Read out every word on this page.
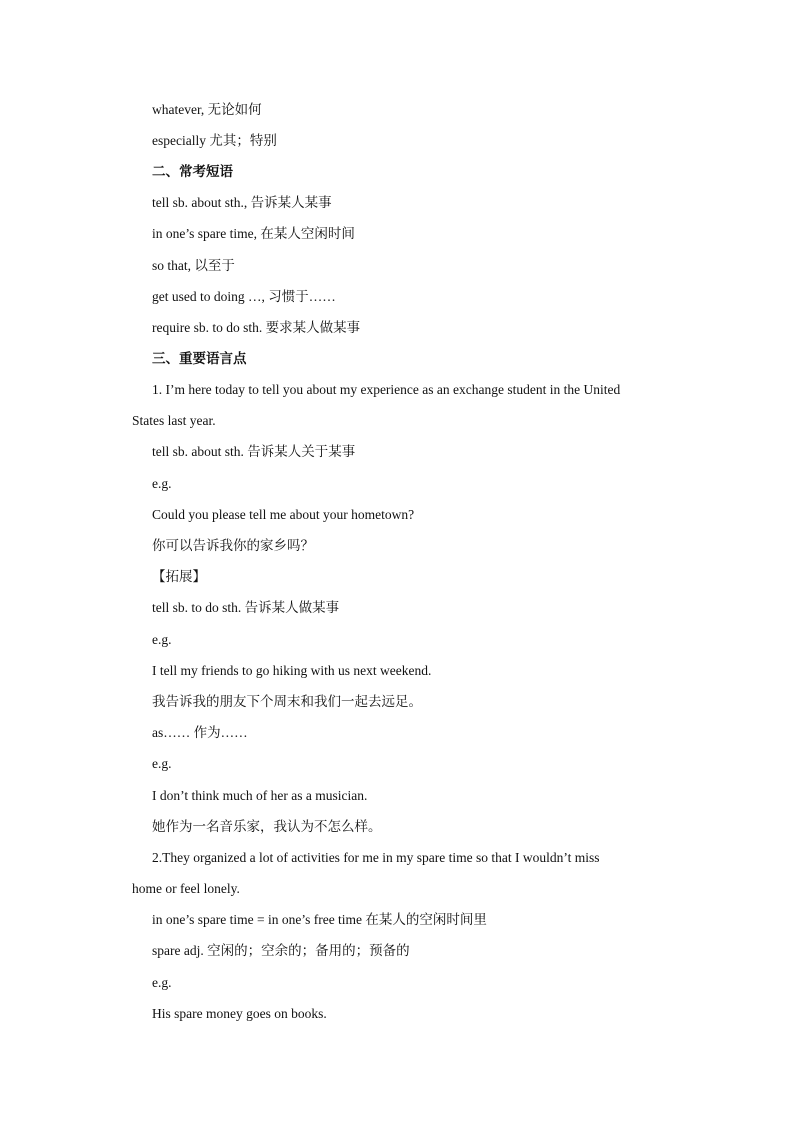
whatever, 无论如何
especially 尤其；特别
二、常考短语
tell sb. about sth., 告诉某人某事
in one’s spare time, 在某人空闲时间
so that, 以至于
get used to doing …, 习惯于……
require sb. to do sth. 要求某人做某事
三、重要语言点
1. I’m here today to tell you about my experience as an exchange student in the United
States last year.
tell sb. about sth. 告诉某人关于某事
e.g.
Could you please tell me about your hometown?
你可以告诉我你的家乡吗？
【拓展】
tell sb. to do sth. 告诉某人做某事
e.g.
I tell my friends to go hiking with us next weekend.
我告诉我的朋友下个周末和我们一起去远足。
as…… 作为……
e.g.
I don’t think much of her as a musician.
她作为一名音乐家，我认为不怎么样。
2.They organized a lot of activities for me in my spare time so that I wouldn’t miss
home or feel lonely.
in one’s spare time = in one’s free time 在某人的空闲时间里
spare adj. 空闲的；空余的；备用的；预备的
e.g.
His spare money goes on books.
